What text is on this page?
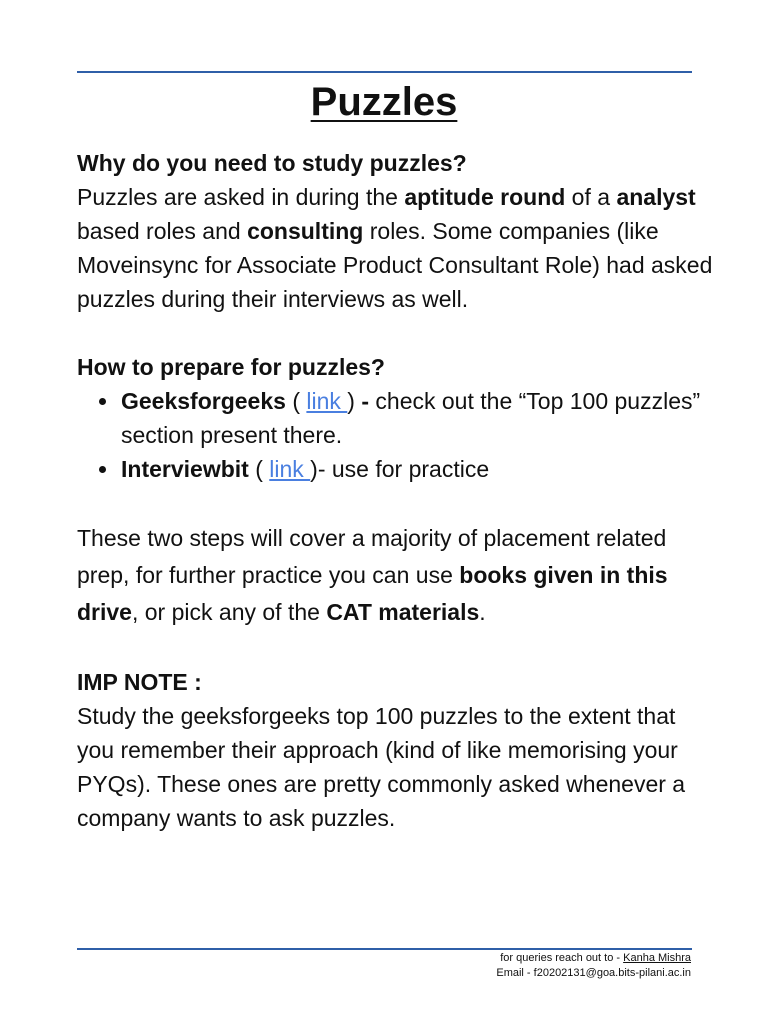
Puzzles

Why do you need to study puzzles?

Puzzles are asked in during the aptitude round of a analyst based roles and consulting roles. Some companies (like Moveinsync for Associate Product Consultant Role) had asked puzzles during their interviews as well.

How to prepare for puzzles?

Geeksforgeeks ( link ) - check out the “Top 100 puzzles” section present there.
Interviewbit ( link )- use for practice

These two steps will cover a majority of placement related prep, for further practice you can use books given in this drive, or pick any of the CAT materials.

IMP NOTE :

Study the geeksforgeeks top 100 puzzles to the extent that you remember their approach (kind of like memorising your PYQs). These ones are pretty commonly asked whenever a company wants to ask puzzles.

for queries reach out to - Kanha Mishra
Email - f20202131@goa.bits-pilani.ac.in
